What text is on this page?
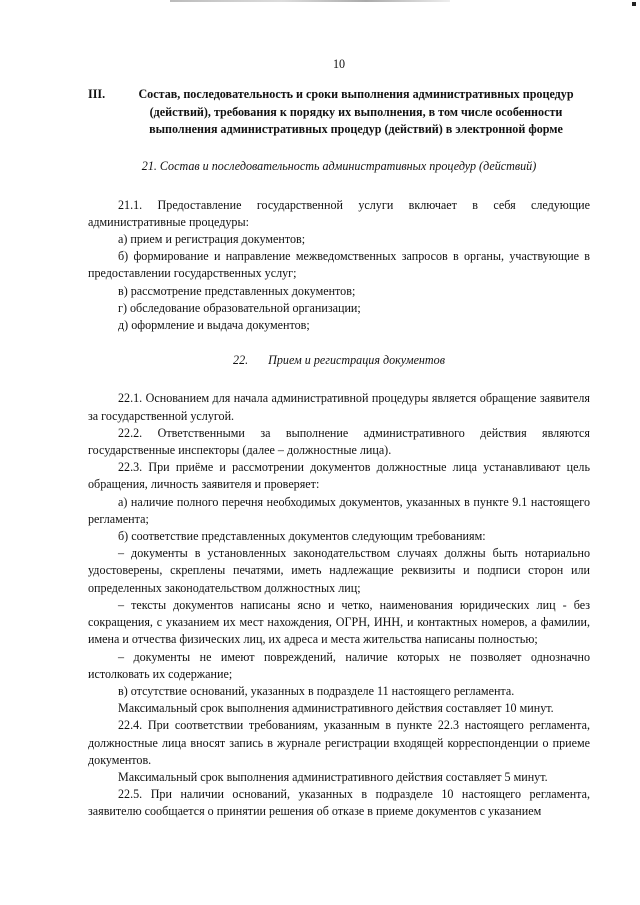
10
III.	Состав, последовательность и сроки выполнения административных процедур (действий), требования к порядку их выполнения, в том числе особенности выполнения административных процедур (действий) в электронной форме
21. Состав и последовательность административных процедур (действий)

21.1. Предоставление государственной услуги включает в себя следующие административные процедуры:

а) прием и регистрация документов;

б) формирование и направление межведомственных запросов в органы, участвующие в предоставлении государственных услуг;

в) рассмотрение представленных документов;

г) обследование образовательной организации;

д) оформление и выдача документов;

22. Прием и регистрация документов

22.1. Основанием для начала административной процедуры является обращение заявителя за государственной услугой.

22.2. Ответственными за выполнение административного действия являются государственные инспекторы (далее – должностные лица).

22.3. При приёме и рассмотрении документов должностные лица устанавливают цель обращения, личность заявителя и проверяет:

а) наличие полного перечня необходимых документов, указанных в пункте 9.1 настоящего регламента;

б) соответствие представленных документов следующим требованиям:

– документы в установленных законодательством случаях должны быть нотариально удостоверены, скреплены печатями, иметь надлежащие реквизиты и подписи сторон или определенных законодательством должностных лиц;

– тексты документов написаны ясно и четко, наименования юридических лиц - без сокращения, с указанием их мест нахождения, ОГРН, ИНН, и контактных номеров, а фамилии, имена и отчества физических лиц, их адреса и места жительства написаны полностью;

– документы не имеют повреждений, наличие которых не позволяет однозначно истолковать их содержание;

в) отсутствие оснований, указанных в подразделе 11 настоящего регламента.

Максимальный срок выполнения административного действия составляет 10 минут.

22.4. При соответствии требованиям, указанным в пункте 22.3 настоящего регламента, должностные лица вносят запись в журнале регистрации входящей корреспонденции о приеме документов.

Максимальный срок выполнения административного действия составляет 5 минут.

22.5. При наличии оснований, указанных в подразделе 10 настоящего регламента, заявителю сообщается о принятии решения об отказе в приеме документов с указанием
